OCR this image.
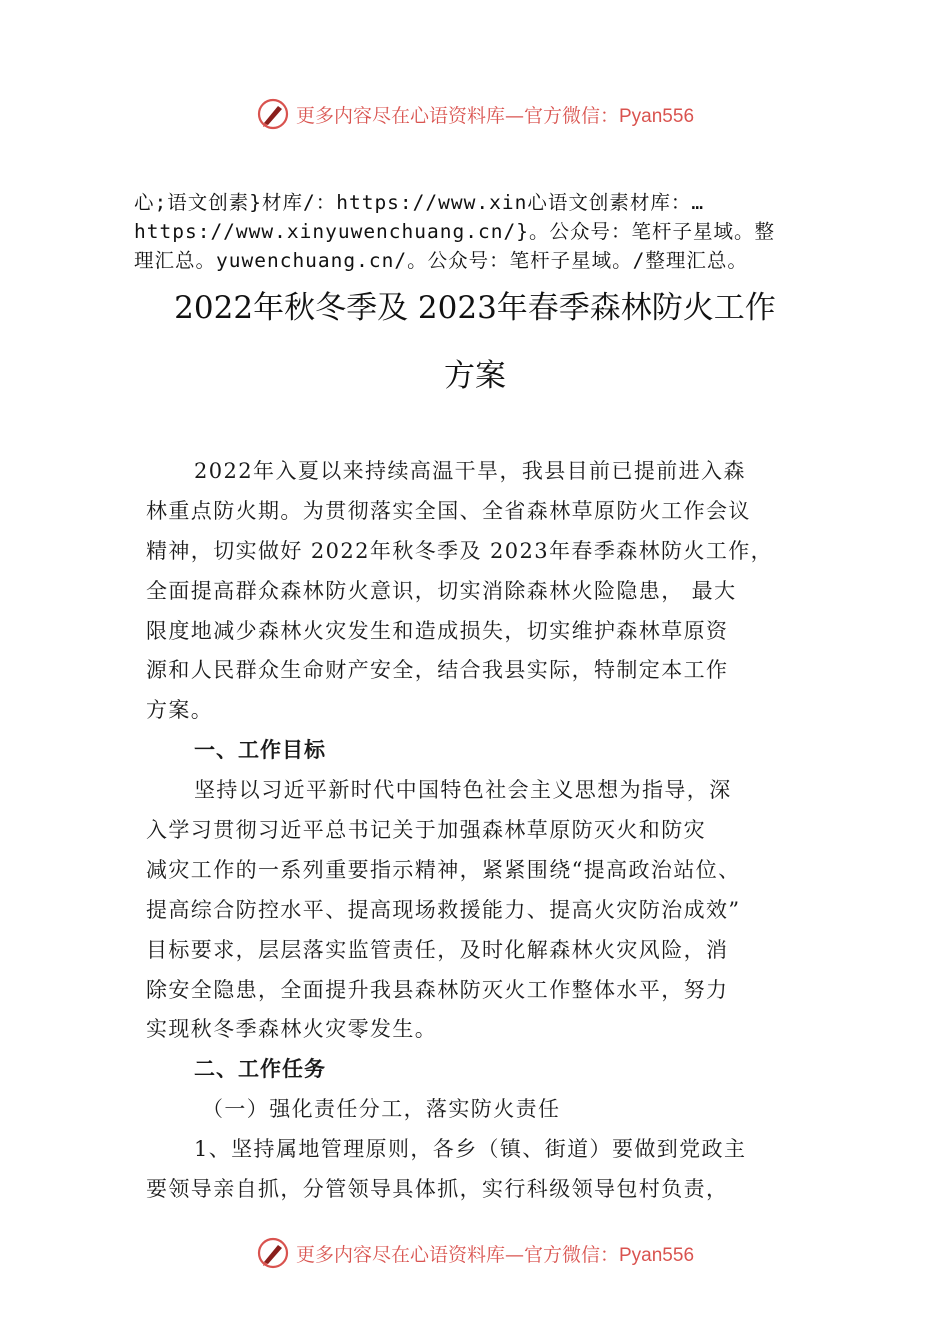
更多内容尽在心语资料库—官方微信：Pyan556
心;语文创素}材库/：https://www.xin心语文创素材库：…
https://www.xinyuwenchuang.cn/}。公众号：笔杆子星域。整
理汇总。yuwenchuang.cn/。公众号：笔杆子星域。/整理汇总。
2022年秋冬季及 2023年春季森林防火工作
方案
2022年入夏以来持续高温干旱，我县目前已提前进入森
林重点防火期。为贯彻落实全国、全省森林草原防火工作会议
精神，切实做好 2022年秋冬季及 2023年春季森林防火工作，
全面提高群众森林防火意识，切实消除森林火险隐患， 最大
限度地减少森林火灾发生和造成损失，切实维护森林草原资
源和人民群众生命财产安全，结合我县实际，特制定本工作
方案。
一、工作目标
坚持以习近平新时代中国特色社会主义思想为指导，深
入学习贯彻习近平总书记关于加强森林草原防灭火和防灾
减灾工作的一系列重要指示精神，紧紧围绕“提高政治站位、
提高综合防控水平、提高现场救援能力、提高火灾防治成效”
目标要求，层层落实监管责任，及时化解森林火灾风险，消
除安全隐患，全面提升我县森林防灭火工作整体水平，努力
实现秋冬季森林火灾零发生。
二、工作任务
（一）强化责任分工，落实防火责任
1、坚持属地管理原则，各乡（镇、街道）要做到党政主
要领导亲自抓，分管领导具体抓，实行科级领导包村负责，
更多内容尽在心语资料库—官方微信：Pyan556
